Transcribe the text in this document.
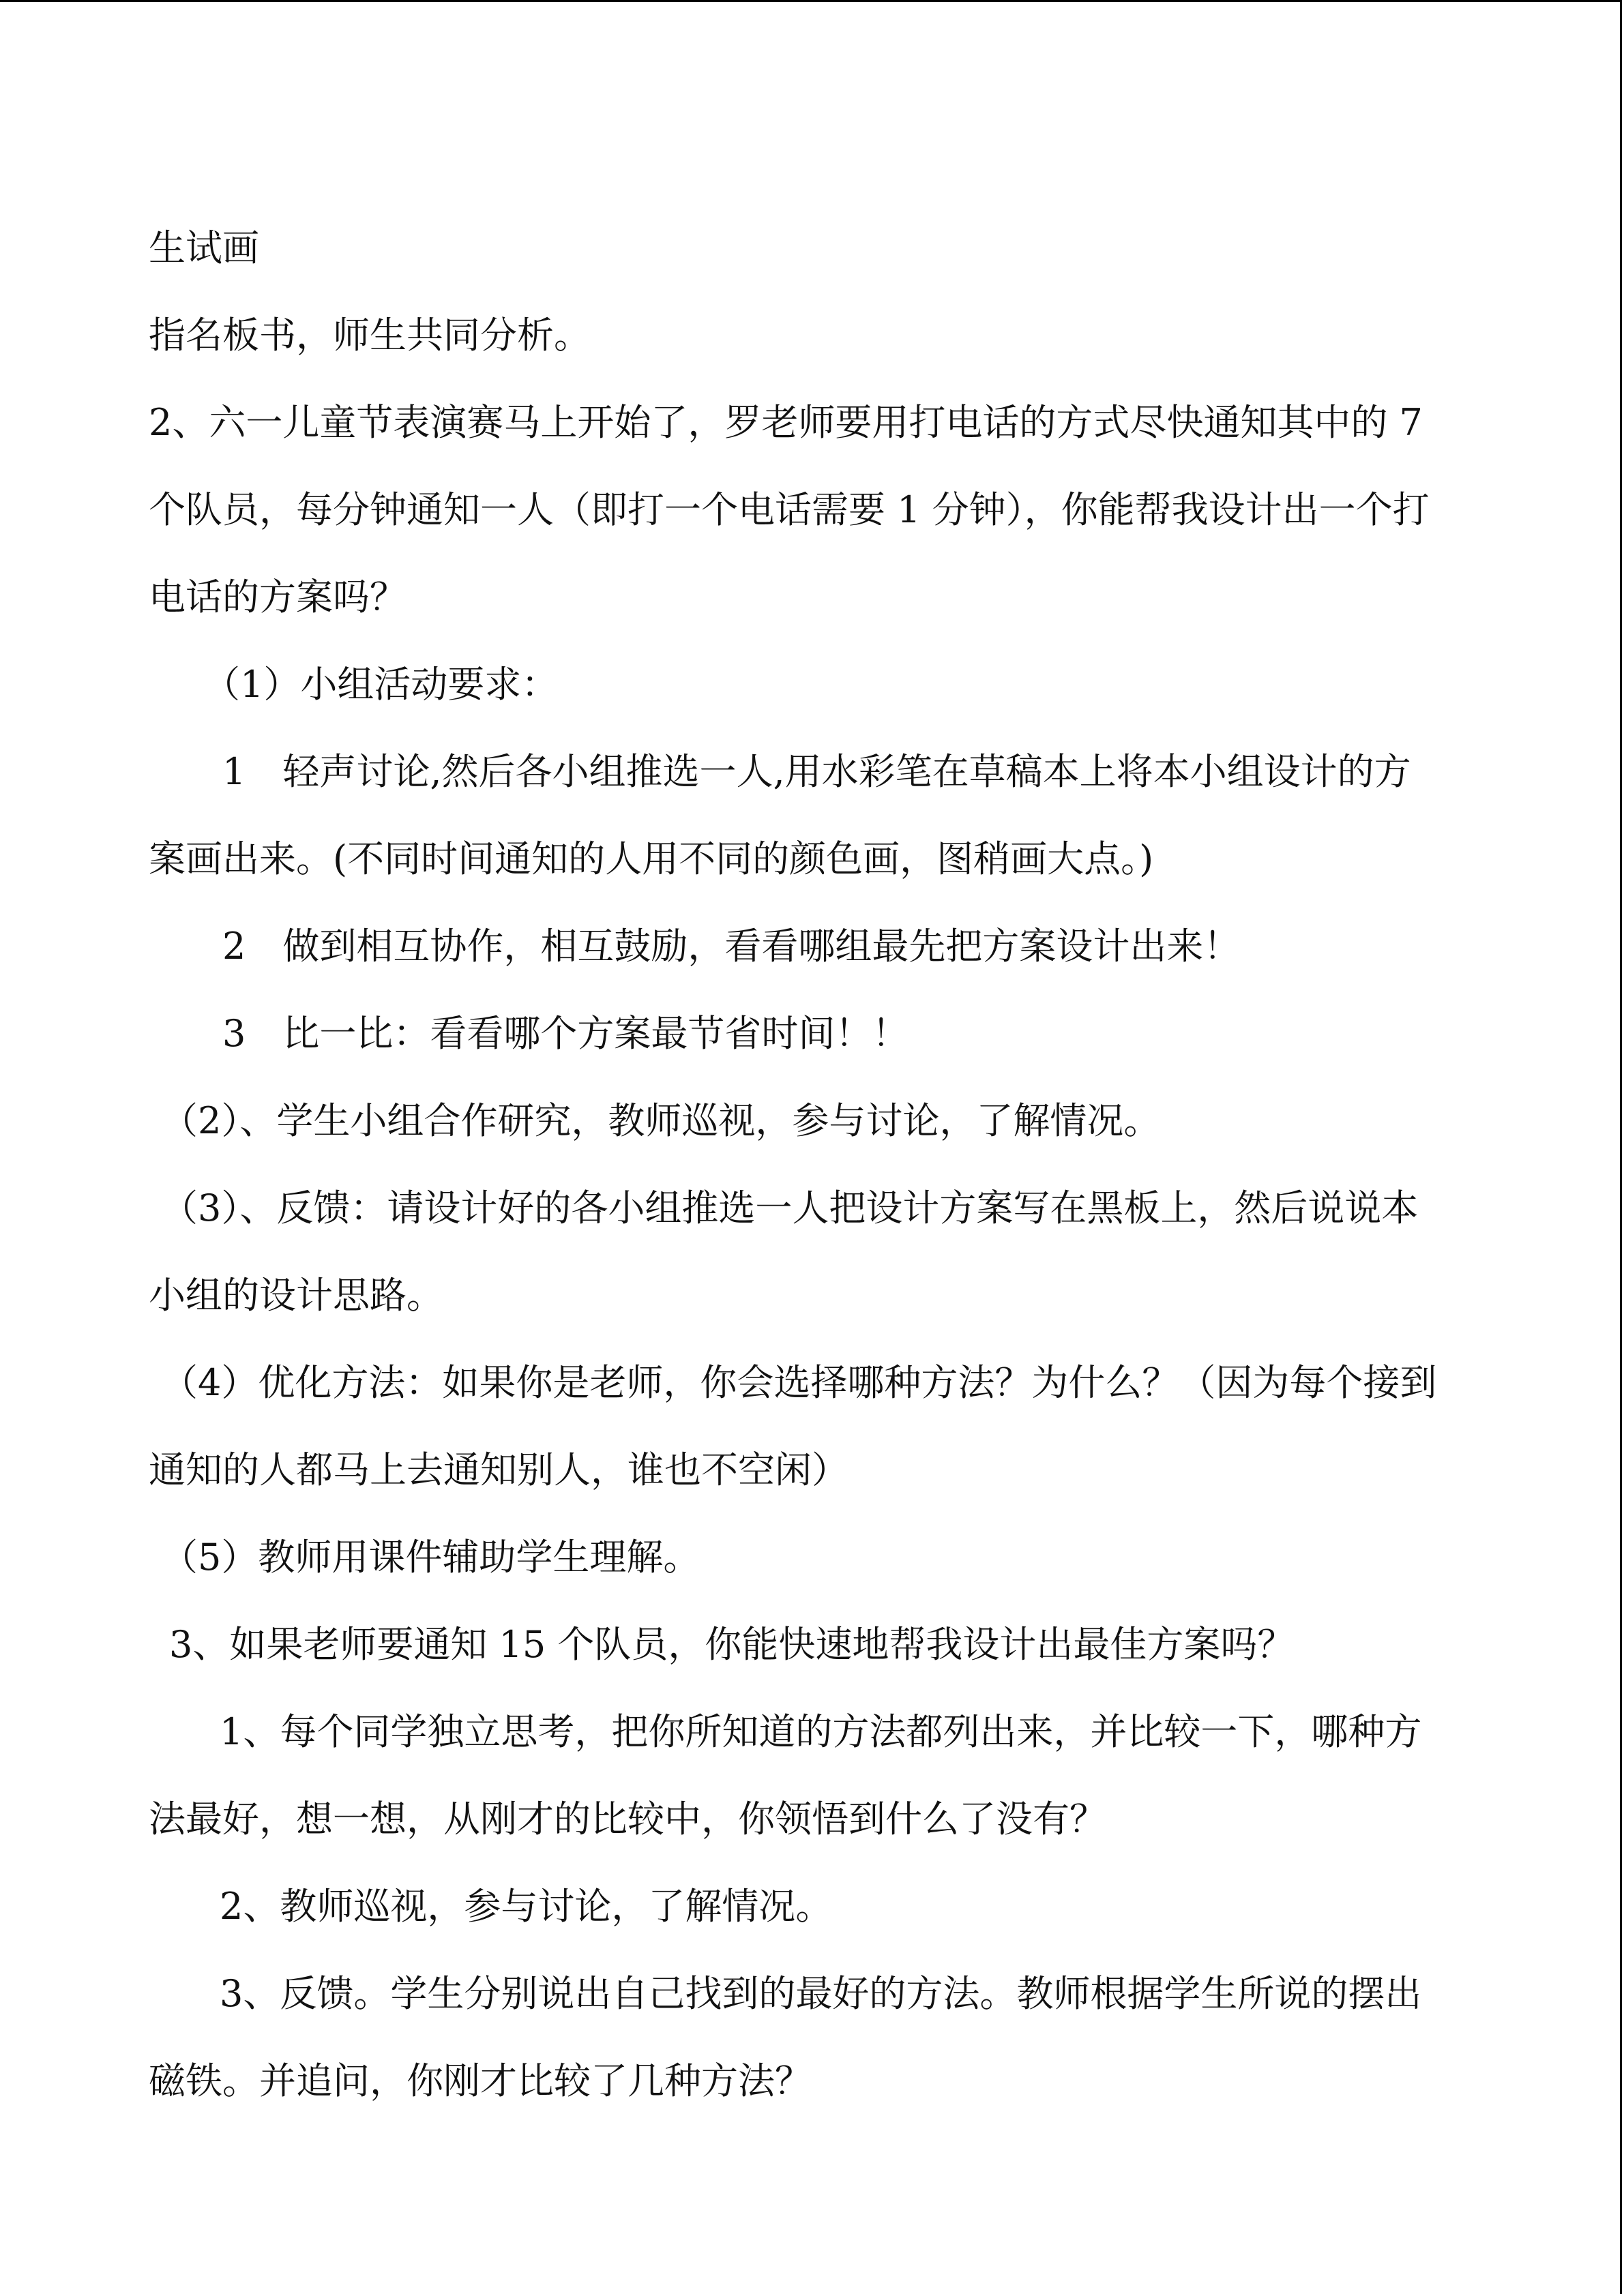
生试画

指名板书，师生共同分析。

2、六一儿童节表演赛马上开始了，罗老师要用打电话的方式尽快通知其中的 7

个队员，每分钟通知一人（即打一个电话需要 1 分钟），你能帮我设计出一个打

电话的方案吗？

（1）小组活动要求：

1　轻声讨论,然后各小组推选一人,用水彩笔在草稿本上将本小组设计的方

案画出来。(不同时间通知的人用不同的颜色画，图稍画大点。)

2　做到相互协作，相互鼓励，看看哪组最先把方案设计出来！

3　比一比：看看哪个方案最节省时间！！

（2）、学生小组合作研究，教师巡视，参与讨论，了解情况。

（3）、反馈：请设计好的各小组推选一人把设计方案写在黑板上，然后说说本

小组的设计思路。

（4）优化方法：如果你是老师，你会选择哪种方法？为什么？（因为每个接到

通知的人都马上去通知别人，谁也不空闲）

（5）教师用课件辅助学生理解。

3、如果老师要通知 15 个队员，你能快速地帮我设计出最佳方案吗？

1、每个同学独立思考，把你所知道的方法都列出来，并比较一下，哪种方

法最好，想一想，从刚才的比较中，你领悟到什么了没有？

2、教师巡视，参与讨论，了解情况。

3、反馈。学生分别说出自己找到的最好的方法。教师根据学生所说的摆出

磁铁。并追问，你刚才比较了几种方法？
